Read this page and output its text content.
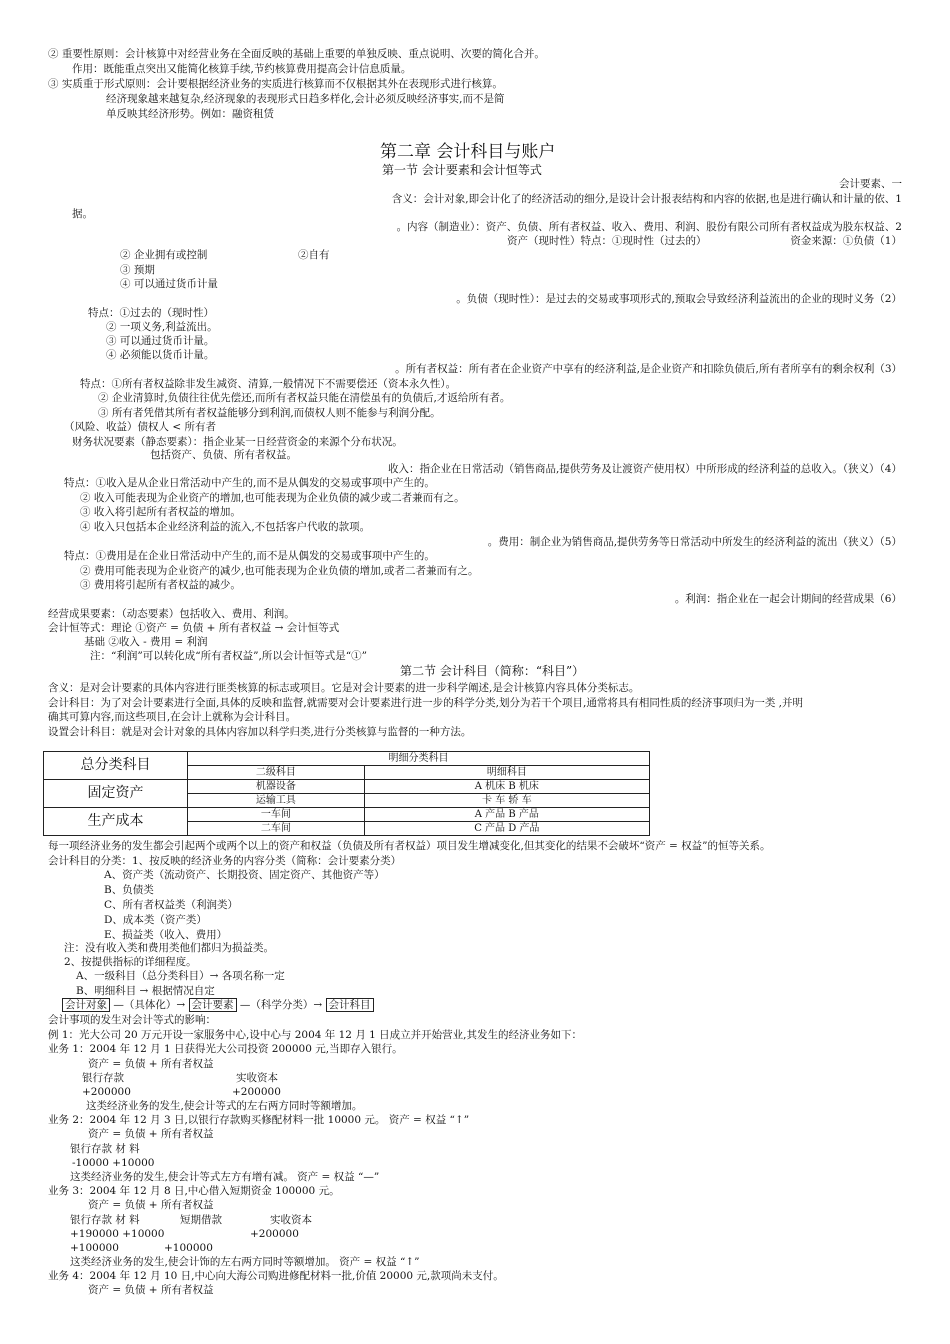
② 重要性原则：会计核算中对经营业务在全面反映的基础上重要的单独反映、重点说明、次要的简化合并。
作用：既能重点突出又能简化核算手续,节约核算费用提高会计信息质量。
③ 实质重于形式原则：会计要根据经济业务的实质进行核算而不仅根据其外在表现形式进行核算。
经济现象越来越复杂,经济现象的表现形式日趋多样化,会计必须反映经济事实,而不是简
单反映其经济形势。例如：融资租赁
第二章 会计科目与账户
第一节 会计要素和会计恒等式
会计要素、一
含义：会计对象,即会计化了的经济活动的细分,是设计会计报表结构和内容的依据,也是进行确认和计量的依、1
据。
。内容（制造业）：资产、负债、所有者权益、收入、费用、利润、股份有限公司所有者权益成为股东权益、2
资产（现时性）特点：①现时性（过去的）	资金来源：①负债（1）
② 企业拥有或控制	②自有
③ 预期
④ 可以通过货币计量
。负债（现时性）：是过去的交易或事项形式的,预取会导致经济利益流出的企业的现时义务（2）
特点：①过去的（现时性）
② 一项义务,利益流出。
③ 可以通过货币计量。
④ 必须能以货币计量。
。所有者权益：所有者在企业资产中享有的经济利益,是企业资产和扣除负债后,所有者所享有的剩余权利（3）
特点：①所有者权益除非发生减资、清算,一般情况下不需要偿还（资本永久性）。
② 企业清算时,负债往往优先偿还,而所有者权益只能在清偿虽有的负债后,才返给所有者。
③ 所有者凭借其所有者权益能够分到利润,而债权人则不能参与利润分配。
（风险、收益）债权人 < 所有者
财务状况要素（静态要素）：指企业某一日经营资金的来源个分布状况。
包括资产、负债、所有者权益。
收入：指企业在日常活动（销售商品,提供劳务及让渡资产使用权）中所形成的经济利益的总收入。（狭义）（4）
特点：①收入是从企业日常活动中产生的,而不是从偶发的交易或事项中产生的。
② 收入可能表现为企业资产的增加,也可能表现为企业负债的减少或二者兼而有之。
③ 收入将引起所有者权益的增加。
④ 收入只包括本企业经济利益的流入,不包括客户代收的款项。
。费用：制企业为销售商品,提供劳务等日常活动中所发生的经济利益的流出（狭义）（5）
特点：①费用是在企业日常活动中产生的,而不是从偶发的交易或事项中产生的。
② 费用可能表现为企业资产的减少,也可能表现为企业负债的增加,或者二者兼而有之。
③ 费用将引起所有者权益的减少。
。利润：指企业在一起会计期间的经营成果（6）
经营成果要素：（动态要素）包括收入、费用、利润。
会计恒等式：理论 ①资产 = 负债 + 所有者权益 → 会计恒等式
基础 ②收入 - 费用 = 利润
注：“利润”可以转化成“所有者权益”,所以会计恒等式是“①”
第二节 会计科目（简称：“科目”）
含义：是对会计要素的具体内容进行匪类核算的标志或项目。它是对会计要素的进一步科学阐述,是会计核算内容具体分类标志。
会计科目：为了对会计要素进行全面,具体的反映和监督,就需要对会计要素进行进一步的科学分类,划分为若干个项目,通常将具有相同性质的经济事项归为一类 ,并明
确其可算内容,而这些项目,在会计上就称为会计科目。
设置会计科目：就是对会计对象的具体内容加以科学归类,进行分类核算与监督的一种方法。
总分类科目	明细分类科目	
	二级科目	明细科目
固定资产	机器设备	A 机床 B 机床
	运输工具	卡 车 轿 车
生产成本	一车间	A 产品 B 产品
	二车间	C 产品 D 产品
每一项经济业务的发生都会引起两个或两个以上的资产和权益（负债及所有者权益）项目发生增减变化,但其变化的结果不会破坏“资产 = 权益”的恒等关系。
会计科目的分类：1、按反映的经济业务的内容分类（简称：会计要素分类）
A、资产类（流动资产、长期投资、固定资产、其他资产等）
B、负债类
C、所有者权益类（利润类）
D、成本类（资产类）
E、损益类（收入、费用）
注：没有收入类和费用类他们都归为损益类。
2、按提供指标的详细程度。
A、一级科目（总分类科目）→ 各项名称一定
B、明细科目 → 根据情况自定
会计对象 —（具体化）→ 会计要素 —（科学分类）→ 会计科目
会计事项的发生对会计等式的影响：
例 1：光大公司 20 万元开设一家服务中心,设中心与 2004 年 12 月 1 日成立并开始营业,其发生的经济业务如下：
业务 1：2004 年 12 月 1 日获得光大公司投资 200000 元,当即存入银行。
资产 = 负债 + 所有者权益
银行存款	实收资本
+200000	+200000
这类经济业务的发生,使会计等式的左右两方同时等额增加。
业务 2：2004 年 12 月 3 日,以银行存款购买修配材料一批 10000 元。 资产 = 权益 “↑”
资产 = 负债 + 所有者权益
银行存款 材 料
-10000 +10000
这类经济业务的发生,使会计等式左方有增有减。 资产 = 权益 “—”
业务 3：2004 年 12 月 8 日,中心借入短期资金 100000 元。
资产 = 负债 + 所有者权益
银行存款 材 料	短期借款	实收资本
+190000 +10000	+200000
+100000	+100000
这类经济业务的发生,使会计饰的左右两方同时等额增加。 资产 = 权益 “↑”
业务 4：2004 年 12 月 10 日,中心向大海公司购进修配材料一批,价值 20000 元,款项尚未支付。
资产 = 负债 + 所有者权益
